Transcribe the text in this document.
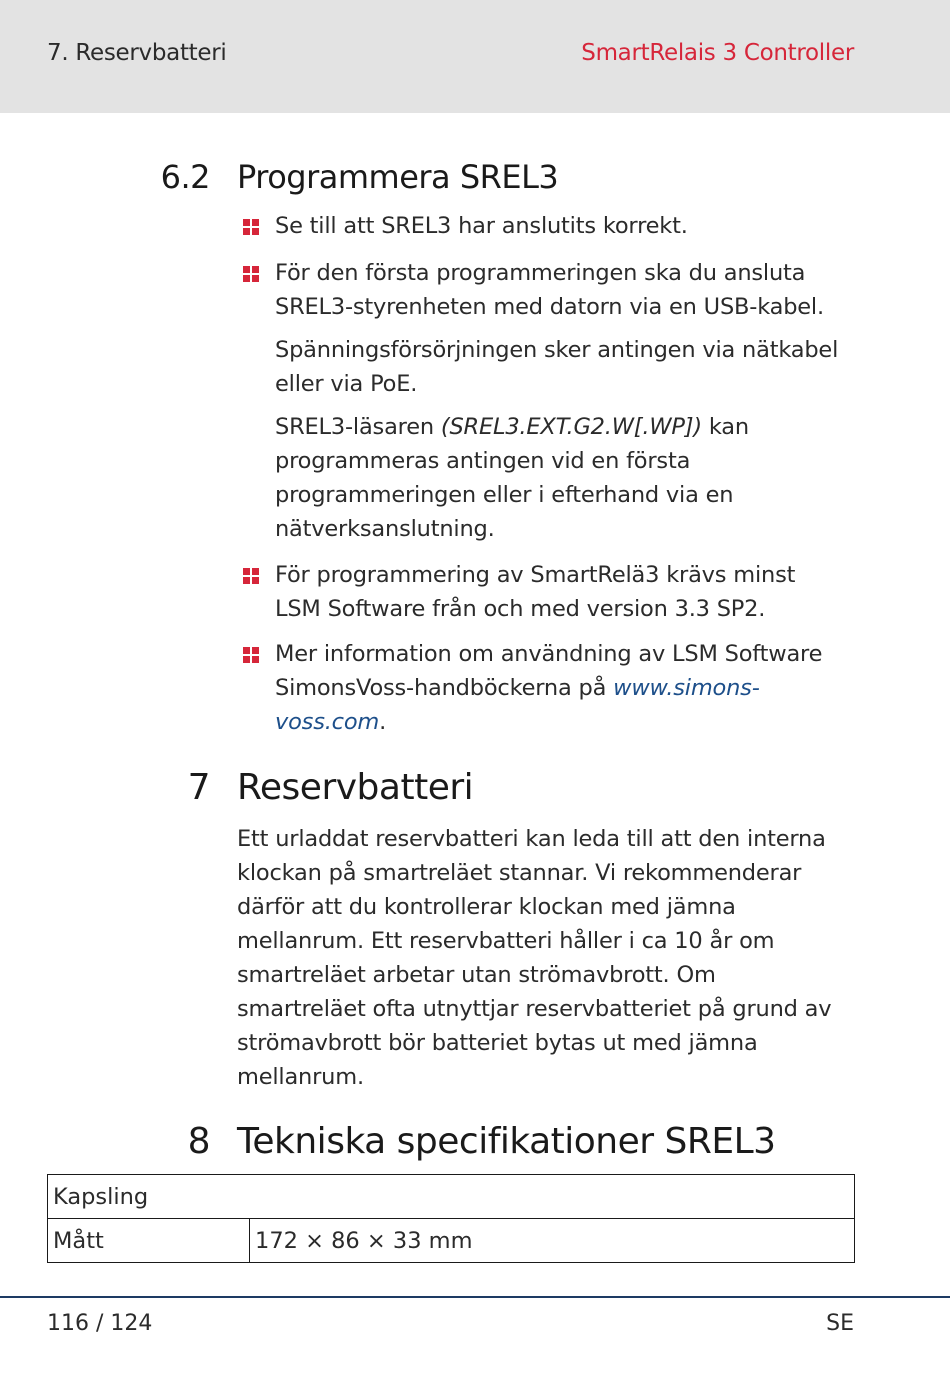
7. Reservbatteri	SmartRelais 3 Controller
6.2 Programmera SREL3
Se till att SREL3 har anslutits korrekt.
För den första programmeringen ska du ansluta
SREL3-styrenheten med datorn via en USB-kabel.
Spänningsförsörjningen sker antingen via nätkabel
eller via PoE.
SREL3-läsaren (SREL3.EXT.G2.W[.WP]) kan
programmeras antingen vid en första
programmeringen eller i efterhand via en
nätverksanslutning.
För programmering av SmartRelä3 krävs minst
LSM Software från och med version 3.3 SP2.
Mer information om användning av LSM Software
SimonsVoss-handböckerna på www.simons-
voss.com.
7 Reservbatteri
Ett urladdat reservbatteri kan leda till att den interna
klockan på smartreläet stannar. Vi rekommenderar
därför att du kontrollerar klockan med jämna
mellanrum. Ett reservbatteri håller i ca 10 år om
smartreläet arbetar utan strömavbrott. Om
smartreläet ofta utnyttjar reservbatteriet på grund av
strömavbrott bör batteriet bytas ut med jämna
mellanrum.
8 Tekniska specifikationer SREL3
Kapsling
Mått	172 × 86 × 33 mm
116 / 124	SE
